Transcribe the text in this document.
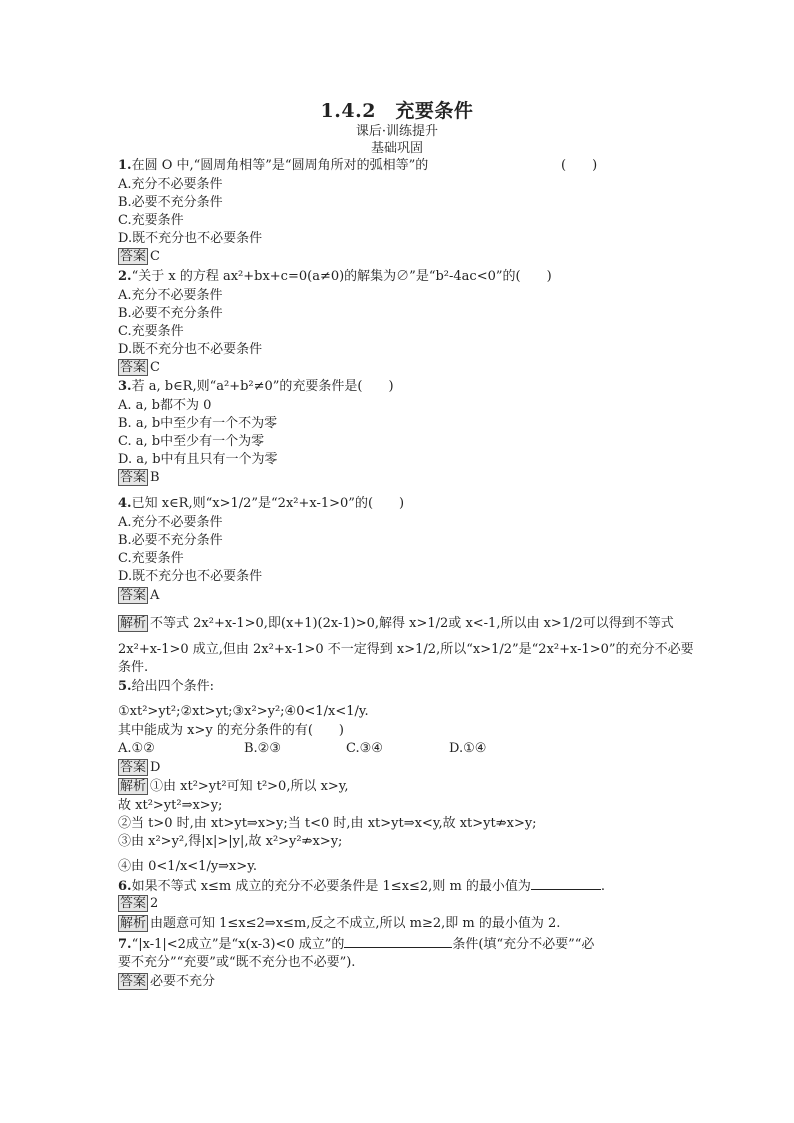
1.4.2　充要条件
课后·训练提升
基础巩固
1.在圆 O 中,“圆周角相等”是“圆周角所对的弧相等”的	(　　)
A.充分不必要条件
B.必要不充分条件
C.充要条件
D.既不充分也不必要条件
答案 C
2.“关于 x 的方程 ax²+bx+c=0(a≠0)的解集为∅”是“b²-4ac<0”的(　　)
A.充分不必要条件
B.必要不充分条件
C.充要条件
D.既不充分也不必要条件
答案 C
3.若 a, b∈R,则“a²+b²≠0”的充要条件是(　　)
A. a, b都不为 0
B. a, b中至少有一个不为零
C. a, b中至少有一个为零
D. a, b中有且只有一个为零
答案 B
4.已知 x∈R,则“x>1/2”是“2x²+x-1>0”的(　　)
A.充分不必要条件
B.必要不充分条件
C.充要条件
D.既不充分也不必要条件
答案 A
解析 不等式 2x²+x-1>0,即(x+1)(2x-1)>0,解得 x>1/2或 x<-1,所以由 x>1/2可以得到不等式
2x²+x-1>0 成立,但由 2x²+x-1>0 不一定得到 x>1/2,所以“x>1/2”是“2x²+x-1>0”的充分不必要
条件.
5.给出四个条件:
①xt²>yt²;②xt>yt;③x²>y²;④0<1/x<1/y.
其中能成为 x>y 的充分条件的有(　　)
A.①②	B.②③	C.③④	D.①④
答案 D
解析 ①由 xt²>yt²可知 t²>0,所以 x>y,
故 xt²>yt²⇒x>y;
②当 t>0 时,由 xt>yt⇒x>y;当 t<0 时,由 xt>yt⇒x<y,故 xt>yt⇏x>y;
③由 x²>y²,得|x|>|y|,故 x²>y²⇏x>y;
④由 0<1/x<1/y⇒x>y.
6.如果不等式 x≤m 成立的充分不必要条件是 1≤x≤2,则 m 的最小值为	.
答案 2
解析 由题意可知 1≤x≤2⇒x≤m,反之不成立,所以 m≥2,即 m 的最小值为 2.
7.“|x-1|<2成立”是“x(x-3)<0 成立”的	条件(填“充分不必要”“必
要不充分”“充要”或“既不充分也不必要”).
答案 必要不充分
